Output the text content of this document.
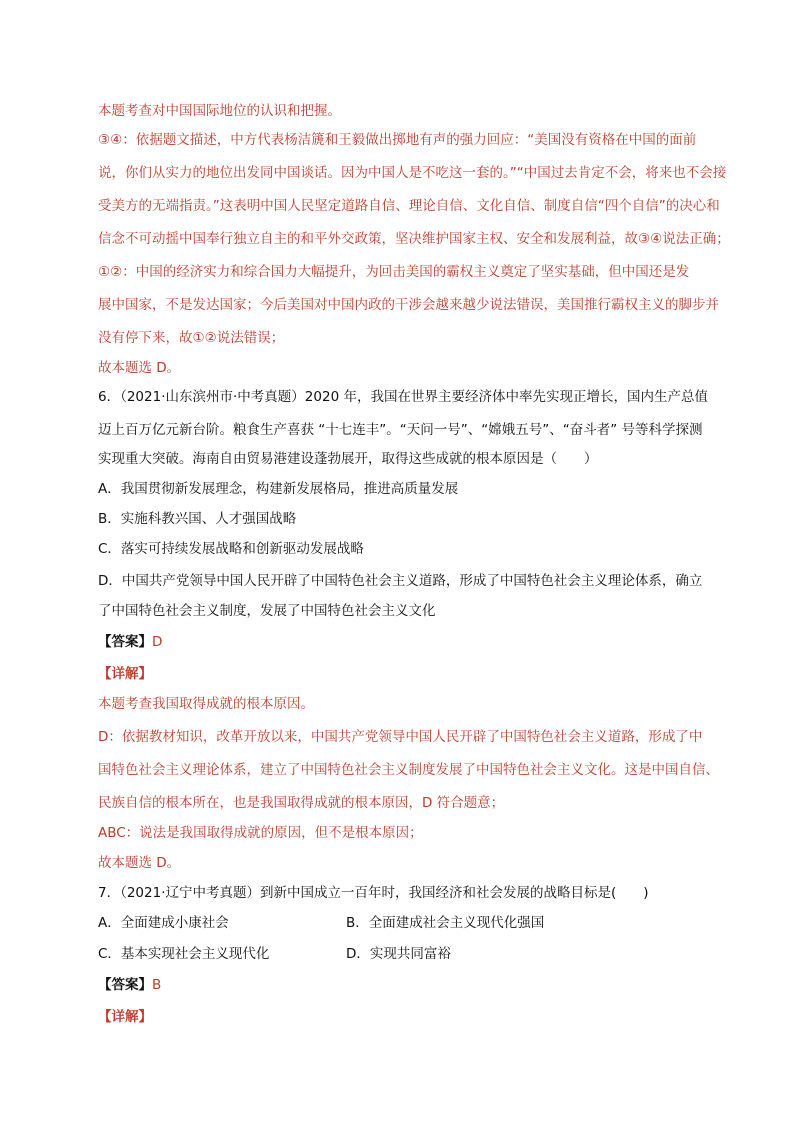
本题考查对中国国际地位的认识和把握。
③④：依据题文描述，中方代表杨洁篪和王毅做出掷地有声的强力回应：“美国没有资格在中国的面前
说，你们从实力的地位出发同中国谈话。因为中国人是不吃这一套的。”“中国过去肯定不会，将来也不会接
受美方的无端指责。”这表明中国人民坚定道路自信、理论自信、文化自信、制度自信“四个自信”的决心和
信念不可动摇中国奉行独立自主的和平外交政策，坚决维护国家主权、安全和发展利益，故③④说法正确；
①②：中国的经济实力和综合国力大幅提升，为回击美国的霸权主义奠定了坚实基础，但中国还是发
展中国家，不是发达国家；今后美国对中国内政的干涉会越来越少说法错误，美国推行霸权主义的脚步并
没有停下来，故①②说法错误；
故本题选 D。
6．（2021·山东滨州市·中考真题）2020 年，我国在世界主要经济体中率先实现正增长，国内生产总值
迈上百万亿元新台阶。粮食生产喜获 “十七连丰”。“天问一号”、“嫦娥五号”、“奋斗者” 号等科学探测
实现重大突破。海南自由贸易港建设蓬勃展开，取得这些成就的根本原因是（　　）
A．我国贯彻新发展理念，构建新发展格局，推进高质量发展
B．实施科教兴国、人才强国战略
C．落实可持续发展战略和创新驱动发展战略
D．中国共产党领导中国人民开辟了中国特色社会主义道路，形成了中国特色社会主义理论体系，确立
了中国特色社会主义制度，发展了中国特色社会主义文化
【答案】D
【详解】
本题考查我国取得成就的根本原因。
D：依据教材知识，改革开放以来，中国共产党领导中国人民开辟了中国特色社会主义道路，形成了中
国特色社会主义理论体系，建立了中国特色社会主义制度发展了中国特色社会主义文化。这是中国自信、
民族自信的根本所在，也是我国取得成就的根本原因，D 符合题意；
ABC：说法是我国取得成就的原因，但不是根本原因；
故本题选 D。
7．（2021·辽宁中考真题）到新中国成立一百年时，我国经济和社会发展的战略目标是(　　)
A．全面建成小康社会	B．全面建成社会主义现代化强国
C．基本实现社会主义现代化	D．实现共同富裕
【答案】B
【详解】
